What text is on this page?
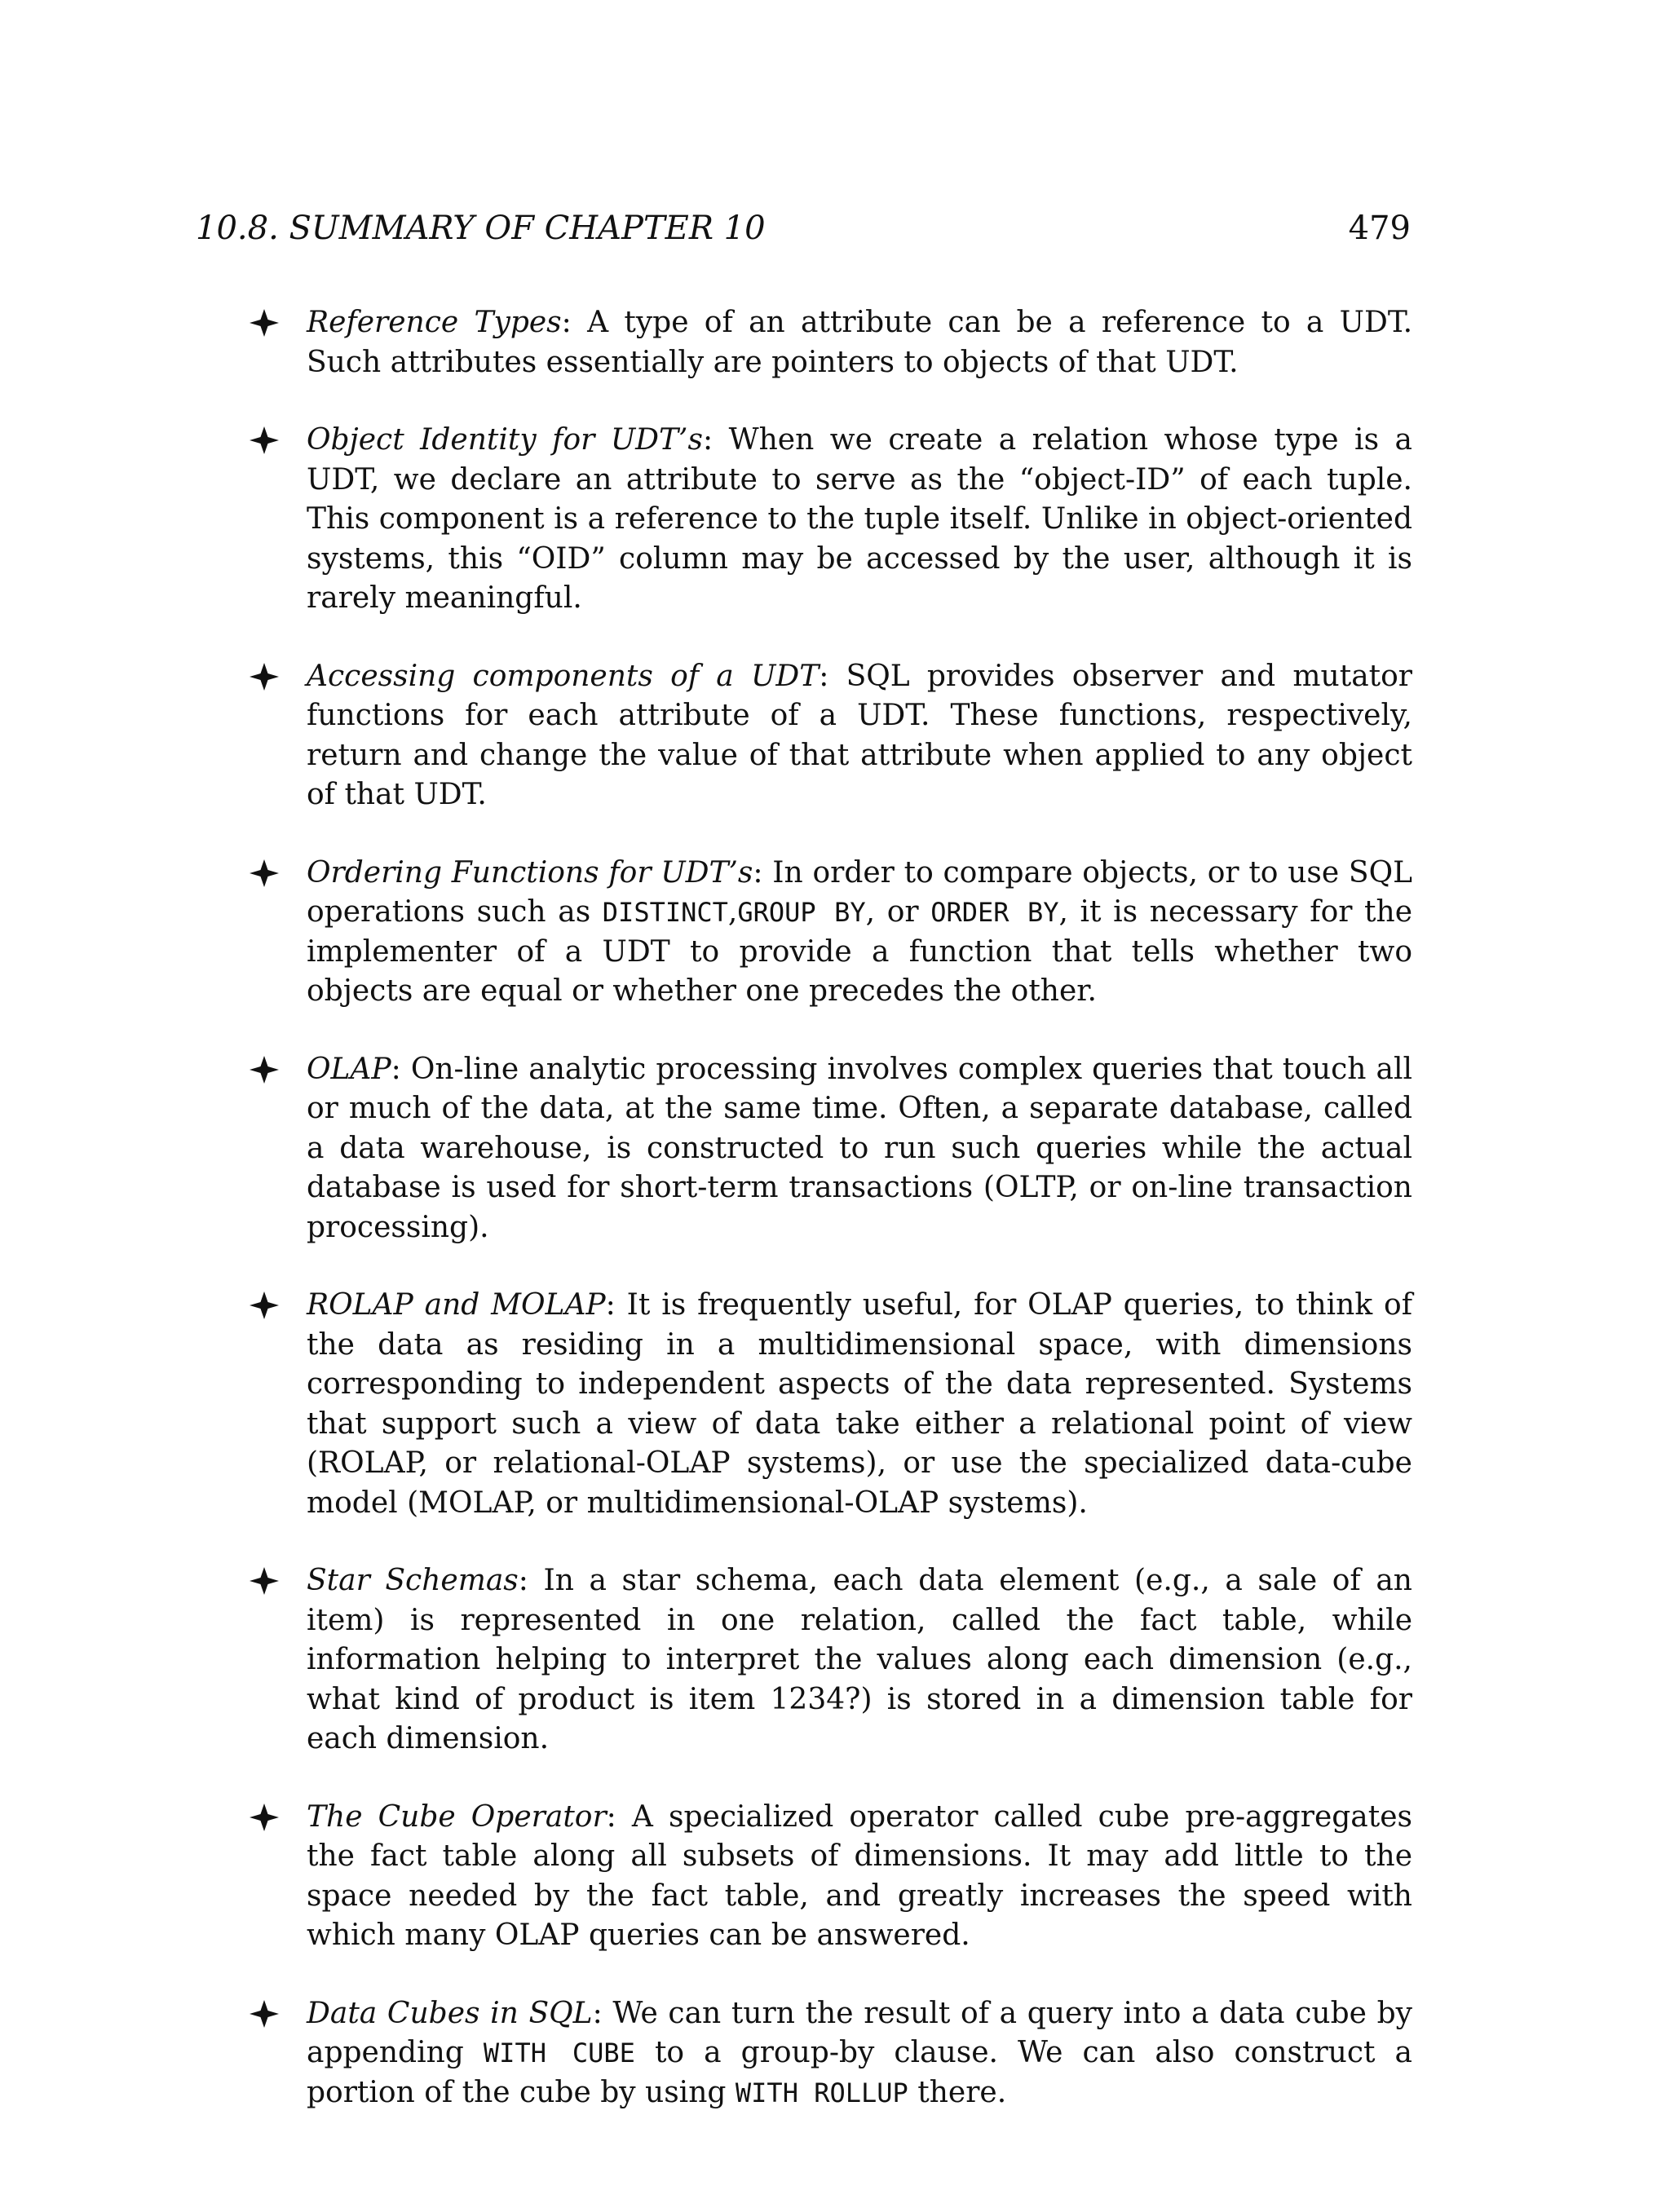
10.8. SUMMARY OF CHAPTER 10	479

Reference Types: A type of an attribute can be a reference to a UDT. Such attributes essentially are pointers to objects of that UDT.

Object Identity for UDT’s: When we create a relation whose type is a UDT, we declare an attribute to serve as the “object-ID” of each tuple. This component is a reference to the tuple itself. Unlike in object-oriented systems, this “OID” column may be accessed by the user, although it is rarely meaningful.

Accessing components of a UDT: SQL provides observer and mutator functions for each attribute of a UDT. These functions, respectively, return and change the value of that attribute when applied to any object of that UDT.

Ordering Functions for UDT’s: In order to compare objects, or to use SQL operations such as DISTINCT,GROUP BY, or ORDER BY, it is necessary for the implementer of a UDT to provide a function that tells whether two objects are equal or whether one precedes the other.

OLAP: On-line analytic processing involves complex queries that touch all or much of the data, at the same time. Often, a separate database, called a data warehouse, is constructed to run such queries while the actual database is used for short-term transactions (OLTP, or on-line transaction processing).

ROLAP and MOLAP: It is frequently useful, for OLAP queries, to think of the data as residing in a multidimensional space, with dimensions corresponding to independent aspects of the data represented. Systems that support such a view of data take either a relational point of view (ROLAP, or relational-OLAP systems), or use the specialized data-cube model (MOLAP, or multidimensional-OLAP systems).

Star Schemas: In a star schema, each data element (e.g., a sale of an item) is represented in one relation, called the fact table, while information helping to interpret the values along each dimension (e.g., what kind of product is item 1234?) is stored in a dimension table for each dimension.

The Cube Operator: A specialized operator called cube pre-aggregates the fact table along all subsets of dimensions. It may add little to the space needed by the fact table, and greatly increases the speed with which many OLAP queries can be answered.

Data Cubes in SQL: We can turn the result of a query into a data cube by appending WITH CUBE to a group-by clause. We can also construct a portion of the cube by using WITH ROLLUP there.
